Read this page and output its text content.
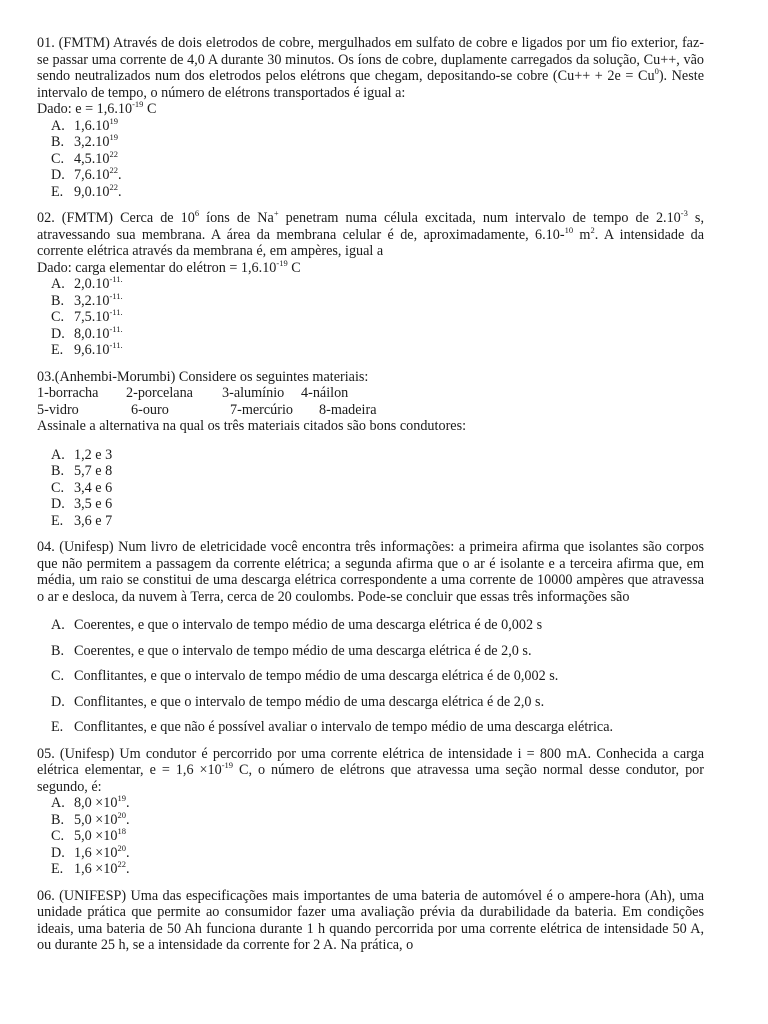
01. (FMTM) Através de dois eletrodos de cobre, mergulhados em sulfato de cobre e ligados por um fio exterior, faz-se passar uma corrente de 4,0 A durante 30 minutos. Os íons de cobre, duplamente carregados da solução, Cu++, vão sendo neutralizados num dos eletrodos pelos elétrons que chegam, depositando-se cobre $(Cu++ + 2e = Cu^0)$. Neste intervalo de tempo, o número de elétrons transportados é igual a:
Dado: $e = 1,6.10^{-19}$ C
A. 1,6.10$^{19}$
B. 3,2.10$^{19}$
C. 4,5.10$^{22}$
D. 7,6.10$^{22}$.
E. 9,0.10$^{22}$.
02. (FMTM) Cerca de $10^6$ íons de Na+ penetram numa célula excitada, num intervalo de tempo de $2.10^{-3}$ s, atravessando sua membrana. A área da membrana celular é de, aproximadamente, 6.10-$^{10}$ $m^2$. A intensidade da corrente elétrica através da membrana é, em ampères, igual a
Dado: carga elementar do elétron = $1,6.10^{-19}$ C
A. $2,0.10^{-11.}$
B. $3,2.10^{-11.}$
C. $7,5.10^{-11.}$
D. $8,0.10^{-11.}$
E. $9,6.10^{-11.}$
03.(Anhembi-Morumbi) Considere os seguintes materiais:
1-borracha	2-porcelana	3-alumínio	4-náilon
5-vidro	6-ouro	7-mercúrio	8-madeira
Assinale a alternativa na qual os três materiais citados são bons condutores:
A. 1,2 e 3
B. 5,7 e 8
C. 3,4 e 6
D. 3,5 e 6
E. 3,6 e 7
04. (Unifesp) Num livro de eletricidade você encontra três informações: a primeira afirma que isolantes são corpos que não permitem a passagem da corrente elétrica; a segunda afirma que o ar é isolante e a terceira afirma que, em média, um raio se constitui de uma descarga elétrica correspondente a uma corrente de 10000 ampères que atravessa o ar e desloca, da nuvem à Terra, cerca de 20 coulombs. Pode-se concluir que essas três informações são
A. Coerentes, e que o intervalo de tempo médio de uma descarga elétrica é de 0,002 s
B. Coerentes, e que o intervalo de tempo médio de uma descarga elétrica é de 2,0 s.
C. Conflitantes, e que o intervalo de tempo médio de uma descarga elétrica é de 0,002 s.
D. Conflitantes, e que o intervalo de tempo médio de uma descarga elétrica é de 2,0 s.
E. Conflitantes, e que não é possível avaliar o intervalo de tempo médio de uma descarga elétrica.
05. (Unifesp) Um condutor é percorrido por uma corrente elétrica de intensidade i = 800 mA. Conhecida a carga elétrica elementar, $e = 1,6 \times 10^{-19}$ C, o número de elétrons que atravessa uma seção normal desse condutor, por segundo, é:
A. $8,0 \times 10^{19}$.
B. $5,0 \times 10^{20}$.
C. $5,0 \times 10^{18}$
D. $1,6 \times 10^{20}$.
E. $1,6 \times 10^{22}$.
06. (UNIFESP) Uma das especificações mais importantes de uma bateria de automóvel é o ampere-hora (Ah), uma unidade prática que permite ao consumidor fazer uma avaliação prévia da durabilidade da bateria. Em condições ideais, uma bateria de 50 Ah funciona durante 1 h quando percorrida por uma corrente elétrica de intensidade 50 A, ou durante 25 h, se a intensidade da corrente for 2 A. Na prática, o
